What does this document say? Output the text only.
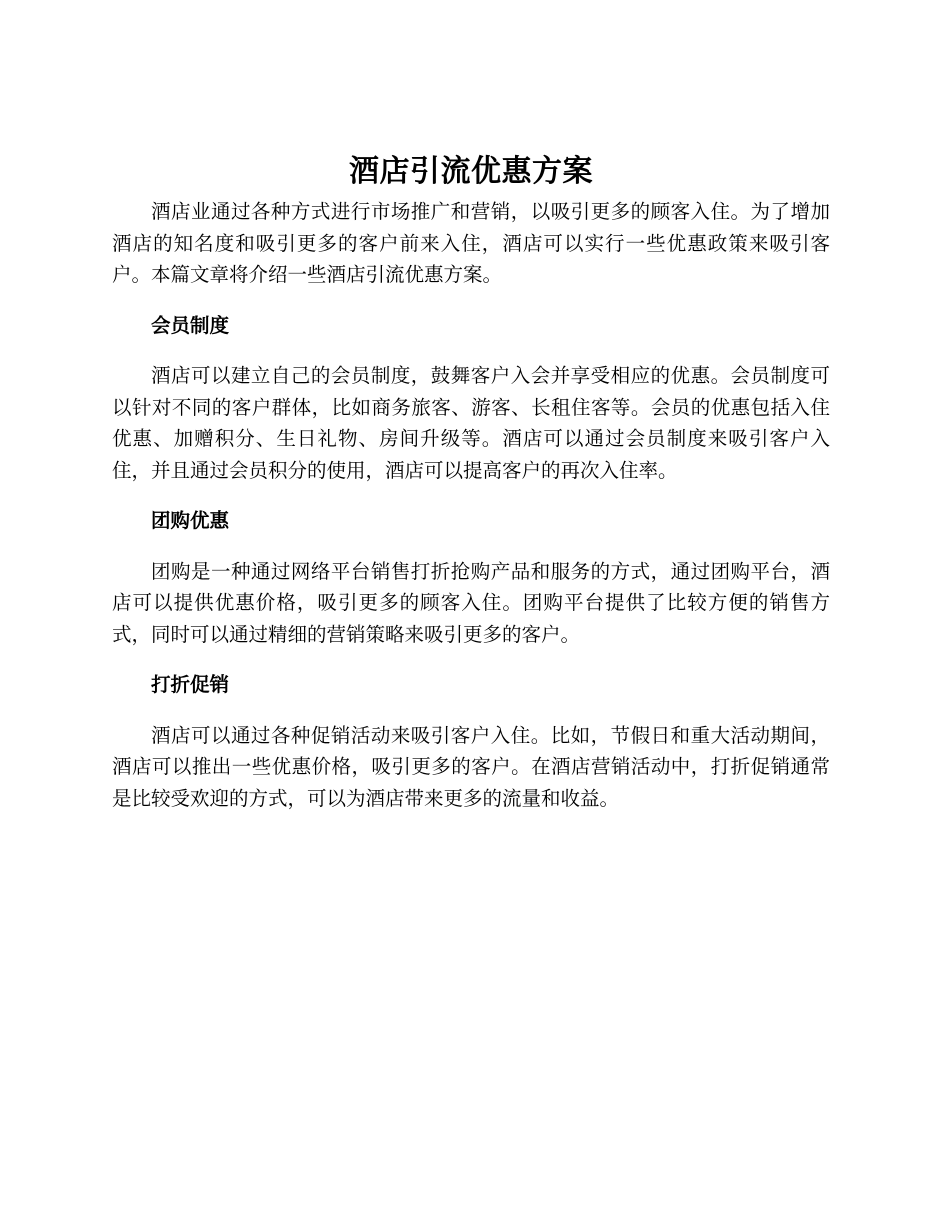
酒店引流优惠方案

酒店业通过各种方式进行市场推广和营销，以吸引更多的顾客入住。为了增加酒店的知名度和吸引更多的客户前来入住，酒店可以实行一些优惠政策来吸引客户。本篇文章将介绍一些酒店引流优惠方案。

会员制度

酒店可以建立自己的会员制度，鼓舞客户入会并享受相应的优惠。会员制度可以针对不同的客户群体，比如商务旅客、游客、长租住客等。会员的优惠包括入住优惠、加赠积分、生日礼物、房间升级等。酒店可以通过会员制度来吸引客户入住，并且通过会员积分的使用，酒店可以提高客户的再次入住率。

团购优惠

团购是一种通过网络平台销售打折抢购产品和服务的方式，通过团购平台，酒店可以提供优惠价格，吸引更多的顾客入住。团购平台提供了比较方便的销售方式，同时可以通过精细的营销策略来吸引更多的客户。

打折促销

酒店可以通过各种促销活动来吸引客户入住。比如，节假日和重大活动期间，酒店可以推出一些优惠价格，吸引更多的客户。在酒店营销活动中，打折促销通常是比较受欢迎的方式，可以为酒店带来更多的流量和收益。
